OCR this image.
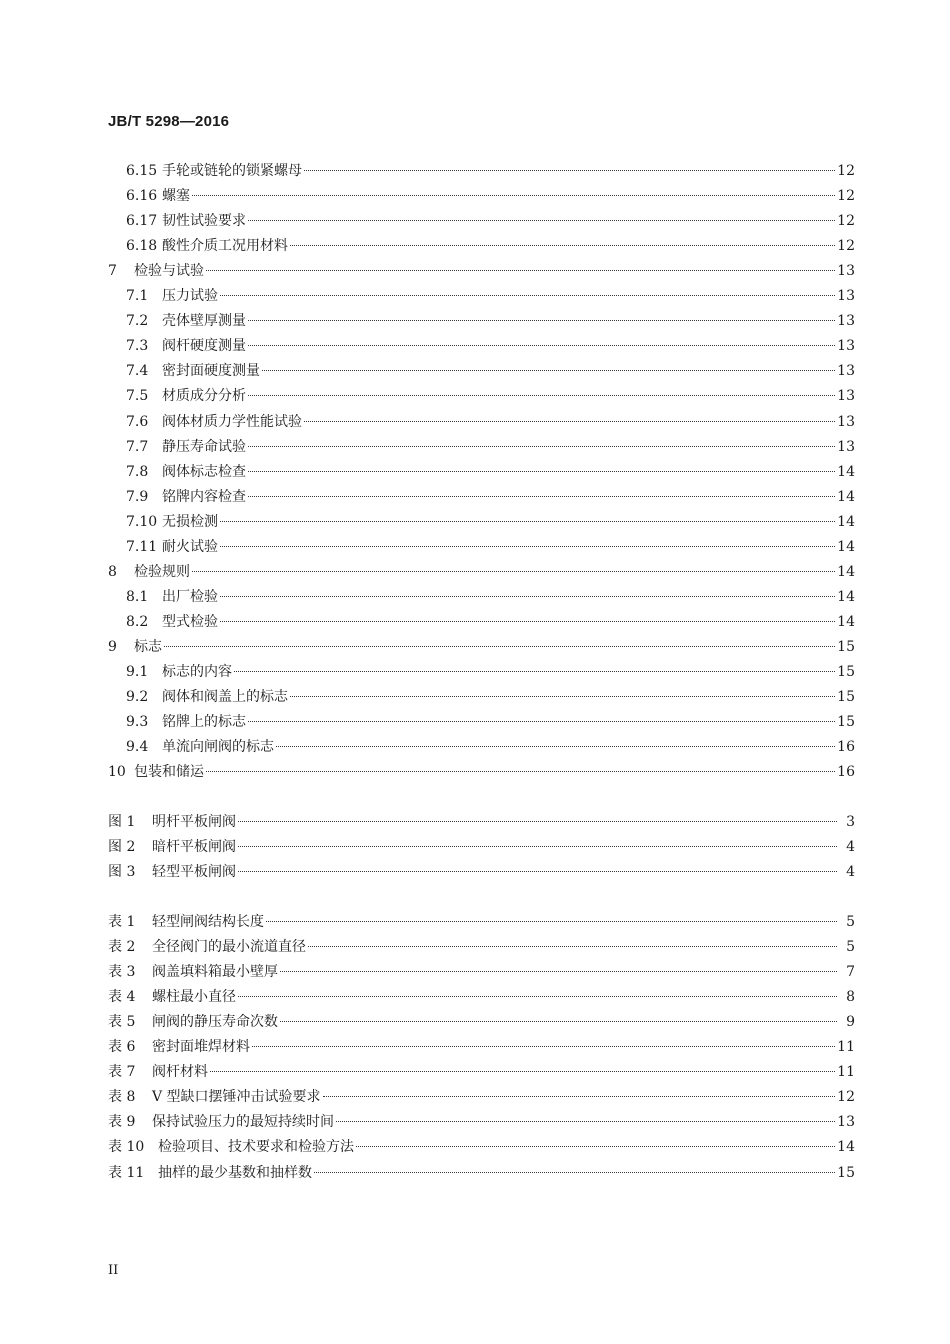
JB/T 5298—2016
6.15 手轮或链轮的锁紧螺母	12
6.16 螺塞	12
6.17 韧性试验要求	12
6.18 酸性介质工况用材料	12
7	检验与试验	13
7.1 压力试验	13
7.2 壳体壁厚测量	13
7.3 阀杆硬度测量	13
7.4 密封面硬度测量	13
7.5 材质成分分析	13
7.6 阀体材质力学性能试验	13
7.7 静压寿命试验	13
7.8 阀体标志检查	14
7.9 铭牌内容检查	14
7.10 无损检测	14
7.11 耐火试验	14
8	检验规则	14
8.1 出厂检验	14
8.2 型式检验	14
9	标志	15
9.1 标志的内容	15
9.2 阀体和阀盖上的标志	15
9.3 铭牌上的标志	15
9.4 单流向闸阀的标志	16
10 包装和储运	16
图 1	明杆平板闸阀	3
图 2	暗杆平板闸阀	4
图 3	轻型平板闸阀	4
表 1	轻型闸阀结构长度	5
表 2	全径阀门的最小流道直径	5
表 3	阀盖填料箱最小壁厚	7
表 4	螺柱最小直径	8
表 5	闸阀的静压寿命次数	9
表 6	密封面堆焊材料	11
表 7	阀杆材料	11
表 8	V 型缺口摆锤冲击试验要求	12
表 9	保持试验压力的最短持续时间	13
表 10 检验项目、技术要求和检验方法	14
表 11 抽样的最少基数和抽样数	15
II
